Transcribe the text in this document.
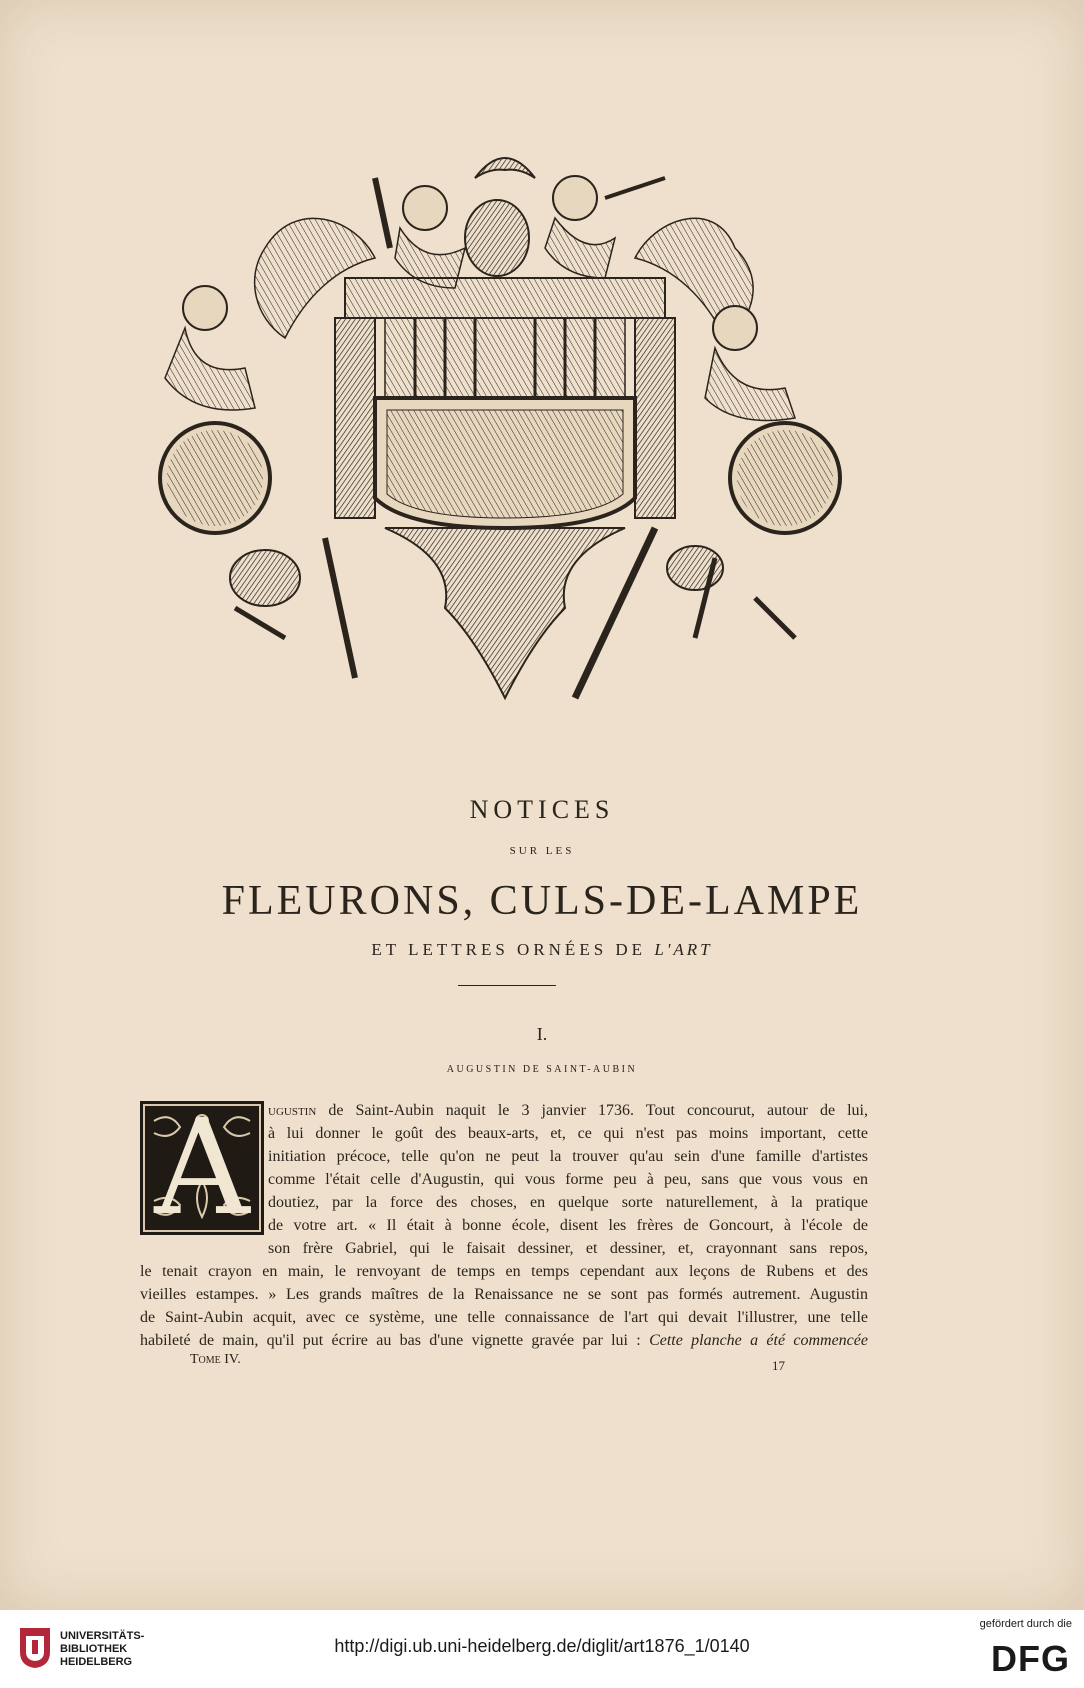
NOTICES
SUR LES
FLEURONS, CULS-DE-LAMPE
ET LETTRES ORNÉES DE L'ART
I.
AUGUSTIN DE SAINT-AUBIN
A	ugustin de Saint-Aubin naquit le 3 janvier 1736. Tout concourut, autour de lui,
à lui donner le goût des beaux-arts, et, ce qui n'est pas moins important, cette
initiation précoce, telle qu'on ne peut la trouver qu'au sein d'une famille d'artistes
comme l'était celle d'Augustin, qui vous forme peu à peu, sans que vous vous en
doutiez, par la force des choses, en quelque sorte naturellement, à la pratique
de votre art. « Il était à bonne école, disent les frères de Goncourt, à l'école de
son frère Gabriel, qui le faisait dessiner, et dessiner, et, crayonnant sans repos,
le tenait crayon en main, le renvoyant de temps en temps cependant aux leçons de Rubens et des
vieilles estampes. » Les grands maîtres de la Renaissance ne se sont pas formés autrement. Augustin
de Saint-Aubin acquit, avec ce système, une telle connaissance de l'art qui devait l'illustrer, une telle
habileté de main, qu'il put écrire au bas d'une vignette gravée par lui : Cette planche a été commencée
Tome IV.	17
UNIVERSITÄTS-
BIBLIOTHEK
HEIDELBERG
http://digi.ub.uni-heidelberg.de/diglit/art1876_1/0140
gefördert durch die
DFG
